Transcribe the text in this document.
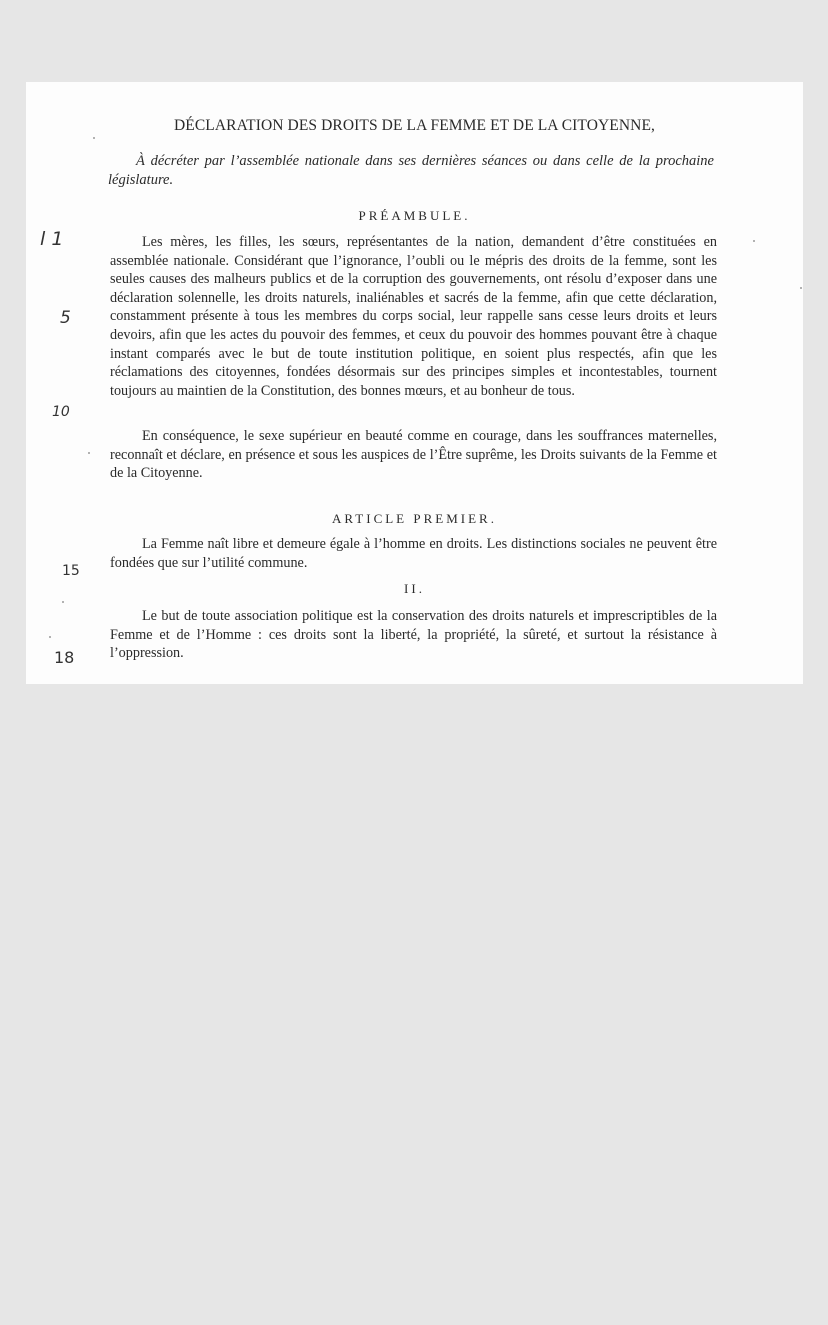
DÉCLARATION DES DROITS DE LA FEMME ET DE LA CITOYENNE,
À décréter par l’assemblée nationale dans ses dernières séances ou dans celle de la prochaine législature.
PRÉAMBULE.

Les mères, les filles, les sœurs, représentantes de la nation, demandent d’être constituées en assemblée nationale. Considérant que l’ignorance, l’oubli ou le mépris des droits de la femme, sont les seules causes des malheurs publics et de la corruption des gouvernements, ont résolu d’exposer dans une déclaration solennelle, les droits naturels, inaliénables et sacrés de la femme, afin que cette déclaration, constamment présente à tous les membres du corps social, leur rappelle sans cesse leurs droits et leurs devoirs, afin que les actes du pouvoir des femmes, et ceux du pouvoir des hommes pouvant être à chaque instant comparés avec le but de toute institution politique, en soient plus respectés, afin que les réclamations des citoyennes, fondées désormais sur des principes simples et incontestables, tournent toujours au maintien de la Constitution, des bonnes mœurs, et au bonheur de tous.

En conséquence, le sexe supérieur en beauté comme en courage, dans les souffrances maternelles, reconnaît et déclare, en présence et sous les auspices de l’Être suprême, les Droits suivants de la Femme et de la Citoyenne.

ARTICLE PREMIER.

La Femme naît libre et demeure égale à l’homme en droits. Les distinctions sociales ne peuvent être fondées que sur l’utilité commune.

II.

Le but de toute association politique est la conservation des droits naturels et imprescriptibles de la Femme et de l’Homme : ces droits sont la liberté, la propriété, la sûreté, et surtout la résistance à l’oppression.

l 1
5
10
15
18
